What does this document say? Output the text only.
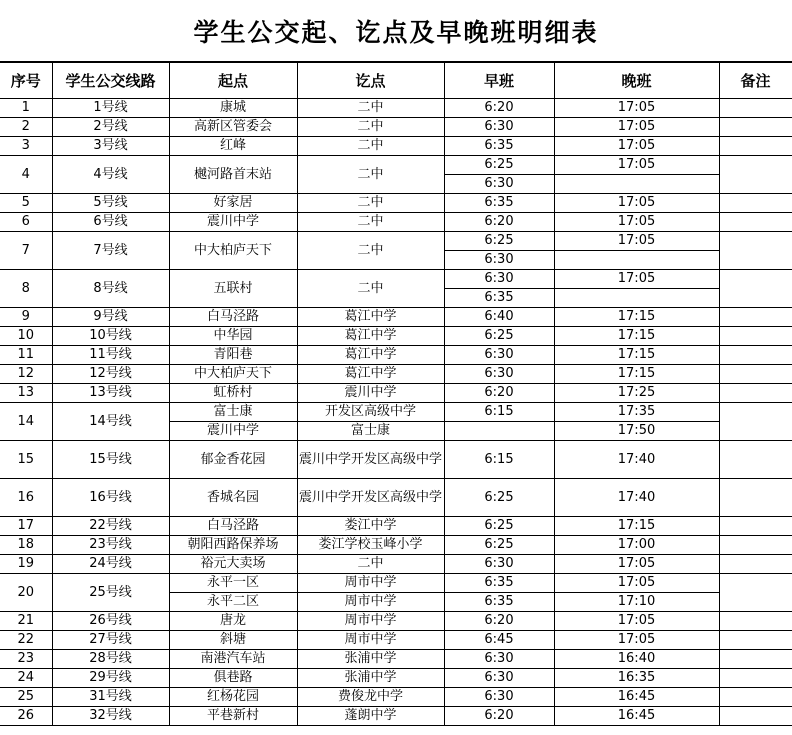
学生公交起、讫点及早晚班明细表
序号	学生公交线路	起点	讫点	早班	晚班	备注
1	1号线	康城	二中	6:20	17:05	
2	2号线	高新区管委会	二中	6:30	17:05	
3	3号线	红峰	二中	6:35	17:05	
4	4号线	樾河路首末站	二中	6:25	17:05	
				6:30		
5	5号线	好家居	二中	6:35	17:05	
6	6号线	震川中学	二中	6:20	17:05	
7	7号线	中大柏庐天下	二中	6:25	17:05	
				6:30		
8	8号线	五联村	二中	6:30	17:05	
				6:35		
9	9号线	白马泾路	葛江中学	6:40	17:15	
10	10号线	中华园	葛江中学	6:25	17:15	
11	11号线	青阳巷	葛江中学	6:30	17:15	
12	12号线	中大柏庐天下	葛江中学	6:30	17:15	
13	13号线	虹桥村	震川中学	6:20	17:25	
14	14号线	富士康	开发区高级中学	6:15	17:35	
		震川中学	富士康		17:50	
15	15号线	郁金香花园	震川中学开发区高级中学	6:15	17:40	
16	16号线	香城名园	震川中学开发区高级中学	6:25	17:40	
17	22号线	白马泾路	娄江中学	6:25	17:15	
18	23号线	朝阳西路保养场	娄江学校玉峰小学	6:25	17:00	
19	24号线	裕元大卖场	二中	6:30	17:05	
20	25号线	永平一区	周市中学	6:35	17:05	
		永平二区	周市中学	6:35	17:10	
21	26号线	唐龙	周市中学	6:20	17:05	
22	27号线	斜塘	周市中学	6:45	17:05	
23	28号线	南港汽车站	张浦中学	6:30	16:40	
24	29号线	俱巷路	张浦中学	6:30	16:35	
25	31号线	红杨花园	费俊龙中学	6:30	16:45	
26	32号线	平巷新村	蓬朗中学	6:20	16:45	
